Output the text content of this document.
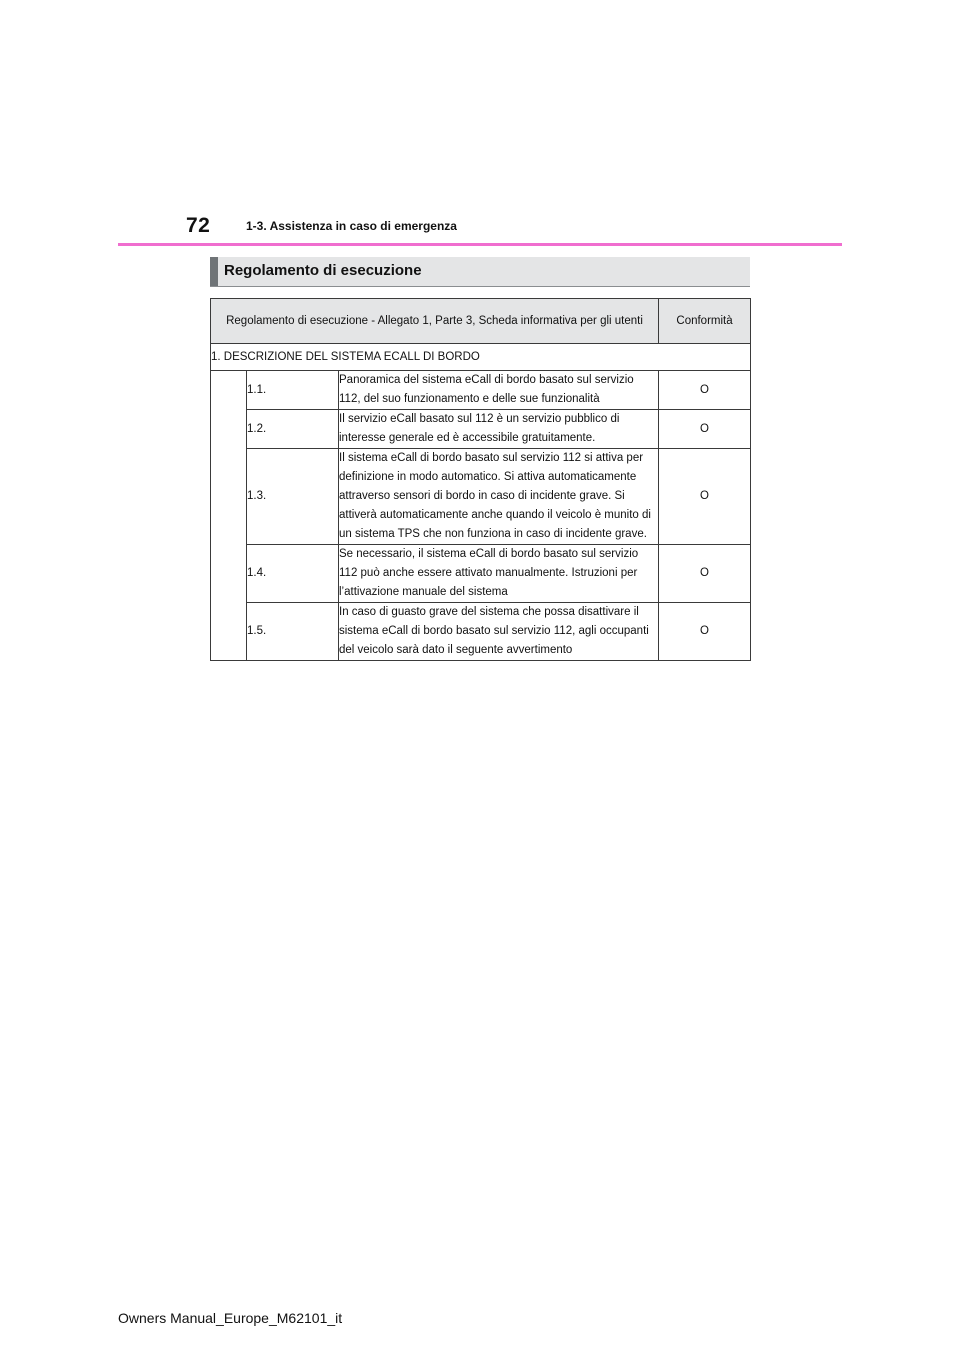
72	1-3. Assistenza in caso di emergenza
Regolamento di esecuzione
Regolamento di esecuzione - Allegato 1, Parte 3, Scheda informativa per gli utenti			Conformità
1. DESCRIZIONE DEL SISTEMA ECALL DI BORDO			
	1.1.	Panoramica del sistema eCall di bordo basato sul servizio 112, del suo funzionamento e delle sue funzionalità	O
	1.2.	Il servizio eCall basato sul 112 è un servizio pubblico di interesse generale ed è accessibile gratuitamente.	O
	1.3.	Il sistema eCall di bordo basato sul servizio 112 si attiva per definizione in modo automatico. Si attiva automaticamente attraverso sensori di bordo in caso di incidente grave. Si attiverà automaticamente anche quando il veicolo è munito di un sistema TPS che non funziona in caso di incidente grave.	O
	1.4.	Se necessario, il sistema eCall di bordo basato sul servizio 112 può anche essere attivato manualmente. Istruzioni per l’attivazione manuale del sistema	O
	1.5.	In caso di guasto grave del sistema che possa disattivare il sistema eCall di bordo basato sul servizio 112, agli occupanti del veicolo sarà dato il seguente avvertimento	O
Owners Manual_Europe_M62101_it
